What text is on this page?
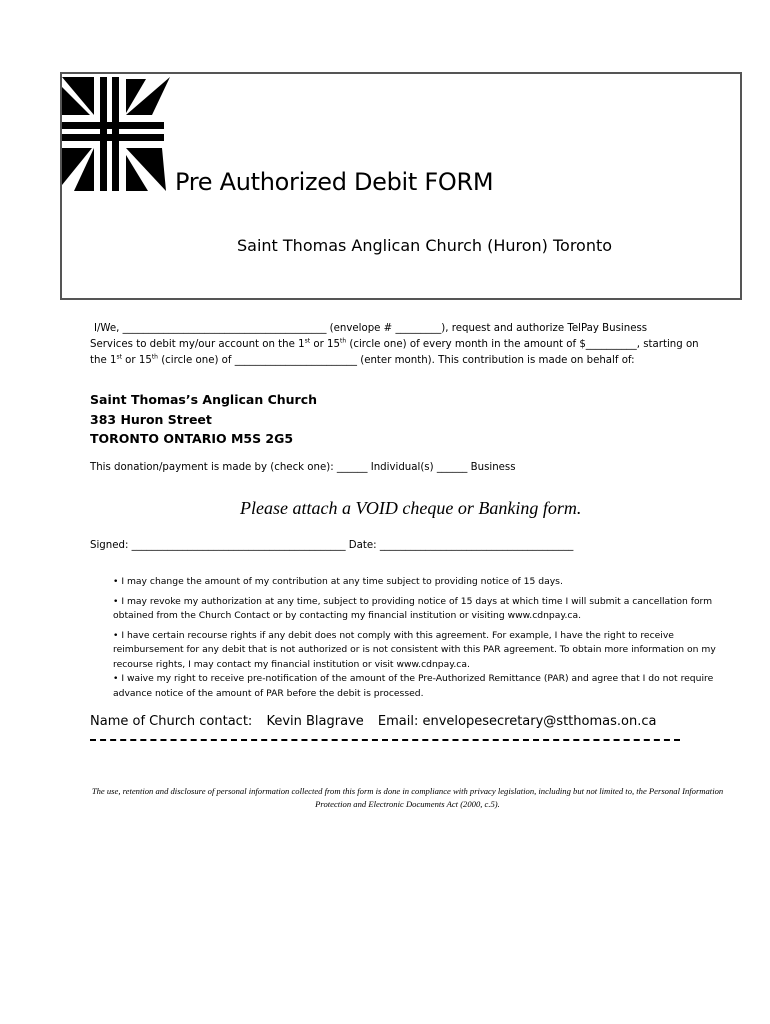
Pre Authorized Debit FORM
Saint Thomas Anglican Church (Huron) Toronto
I/We, ________________________________________ (envelope # _________), request and authorize TelPay Business
Services to debit my/our account on the 1st or 15th (circle one) of every month in the amount of $__________, starting on
the 1st or 15th (circle one) of ________________________ (enter month). This contribution is made on behalf of:
Saint Thomas’s Anglican Church
383 Huron Street
TORONTO ONTARIO M5S 2G5
This donation/payment is made by (check one): ______ Individual(s) ______ Business
Please attach a VOID cheque or Banking form.
Signed: __________________________________________ Date: ______________________________________

• I may change the amount of my contribution at any time subject to providing notice of 15 days.

• I may revoke my authorization at any time, subject to providing notice of 15 days at which time I will submit a cancellation form obtained from the Church Contact or by contacting my financial institution or visiting www.cdnpay.ca.

• I have certain recourse rights if any debit does not comply with this agreement. For example, I have the right to receive reimbursement for any debit that is not authorized or is not consistent with this PAR agreement. To obtain more information on my recourse rights, I may contact my financial institution or visit www.cdnpay.ca.

• I waive my right to receive pre-notification of the amount of the Pre-Authorized Remittance (PAR) and agree that I do not require advance notice of the amount of PAR before the debit is processed.

Name of Church contact: Kevin Blagrave Email: envelopesecretary@stthomas.on.ca
The use, retention and disclosure of personal information collected from this form is done in compliance with privacy legislation, including but not limited to, the Personal Information Protection and Electronic Documents Act (2000, c.5).
